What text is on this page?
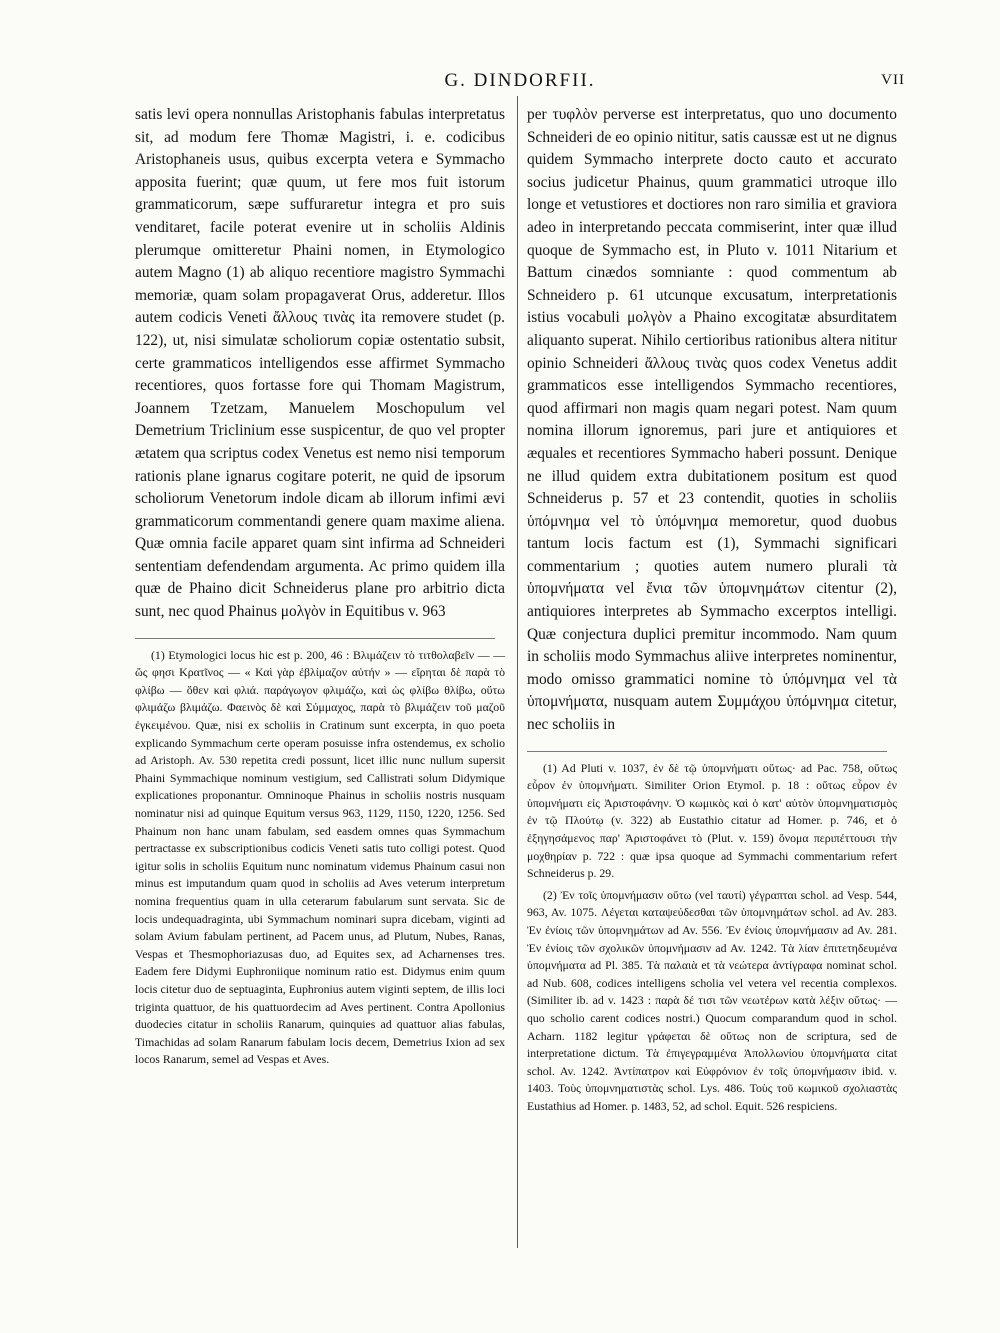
G. DINDORFII.	VII

satis levi opera nonnullas Aristophanis fabulas interpretatus sit, ad modum fere Thomæ Magistri, i. e. codicibus Aristophaneis usus, quibus excerpta vetera e Symmacho apposita fuerint; quæ quum, ut fere mos fuit istorum grammaticorum, sæpe suffuraretur integra et pro suis venditaret, facile poterat evenire ut in scholiis Aldinis plerumque omitteretur Phaini nomen, in Etymologico autem Magno (1) ab aliquo recentiore magistro Symmachi memoriæ, quam solam propagaverat Orus, adderetur. Illos autem codicis Veneti ἄλλους τινὰς ita removere studet (p. 122), ut, nisi simulatæ scholiorum copiæ ostentatio subsit, certe grammaticos intelligendos esse affirmet Symmacho recentiores, quos fortasse fore qui Thomam Magistrum, Joannem Tzetzam, Manuelem Moschopulum vel Demetrium Triclinium esse suspicentur, de quo vel propter ætatem qua scriptus codex Venetus est nemo nisi temporum rationis plane ignarus cogitare poterit, ne quid de ipsorum scholiorum Venetorum indole dicam ab illorum infimi ævi grammaticorum commentandi genere quam maxime aliena. Quæ omnia facile apparet quam sint infirma ad Schneideri sententiam defendendam argumenta. Ac primo quidem illa quæ de Phaino dicit Schneiderus plane pro arbitrio dicta sunt, nec quod Phainus μολγὸν in Equitibus v. 963

(1) Etymologici locus hic est p. 200, 46 : Βλιμάζειν τὸ τιτθολαβεῖν — — ὥς φησι Κρατῖνος — « Καὶ γὰρ ἐβλίμαζον αὐτήν » — εἴρηται δὲ παρὰ τὸ φλίβω — ὅθεν καὶ φλιά. παράγωγον φλιμάζω, καὶ ὡς φλίβω θλίβω, οὕτω φλιμάζω βλιμάζω. Φαεινὸς δὲ καὶ Σύμμαχος, παρὰ τὸ βλιμάζειν τοῦ μαζοῦ ἐγκειμένου. Quæ, nisi ex scholiis in Cratinum sunt excerpta, in quo poeta explicando Symmachum certe operam posuisse infra ostendemus, ex scholio ad Aristoph. Av. 530 repetita credi possunt, licet illic nunc nullum supersit Phaini Symmachique nominum vestigium, sed Callistrati solum Didymique explicationes proponantur. Omninoque Phainus in scholiis nostris nusquam nominatur nisi ad quinque Equitum versus 963, 1129, 1150, 1220, 1256. Sed Phainum non hanc unam fabulam, sed easdem omnes quas Symmachum pertractasse ex subscriptionibus codicis Veneti satis tuto colligi potest. Quod igitur solis in scholiis Equitum nunc nominatum videmus Phainum casui non minus est imputandum quam quod in scholiis ad Aves veterum interpretum nomina frequentius quam in ulla ceterarum fabularum sunt servata. Sic de locis undequadraginta, ubi Symmachum nominari supra dicebam, viginti ad solam Avium fabulam pertinent, ad Pacem unus, ad Plutum, Nubes, Ranas, Vespas et Thesmophoriazusas duo, ad Equites sex, ad Acharnenses tres. Eadem fere Didymi Euphroniique nominum ratio est. Didymus enim quum locis citetur duo de septuaginta, Euphronius autem viginti septem, de illis loci triginta quattuor, de his quattuordecim ad Aves pertinent. Contra Apollonius duodecies citatur in scholiis Ranarum, quinquies ad quattuor alias fabulas, Timachidas ad solam Ranarum fabulam locis decem, Demetrius Ixion ad sex locos Ranarum, semel ad Vespas et Aves.

per τυφλὸν perverse est interpretatus, quo uno documento Schneideri de eo opinio nititur, satis caussæ est ut ne dignus quidem Symmacho interprete docto cauto et accurato socius judicetur Phainus, quum grammatici utroque illo longe et vetustiores et doctiores non raro similia et graviora adeo in interpretando peccata commiserint, inter quæ illud quoque de Symmacho est, in Pluto v. 1011 Nitarium et Battum cinædos somniante : quod commentum ab Schneidero p. 61 utcunque excusatum, interpretationis istius vocabuli μολγὸν a Phaino excogitatæ absurditatem aliquanto superat. Nihilo certioribus rationibus altera nititur opinio Schneideri ἄλλους τινὰς quos codex Venetus addit grammaticos esse intelligendos Symmacho recentiores, quod affirmari non magis quam negari potest. Nam quum nomina illorum ignoremus, pari jure et antiquiores et æquales et recentiores Symmacho haberi possunt. Denique ne illud quidem extra dubitationem positum est quod Schneiderus p. 57 et 23 contendit, quoties in scholiis ὑπόμνημα vel τὸ ὑπόμνημα memoretur, quod duobus tantum locis factum est (1), Symmachi significari commentarium ; quoties autem numero plurali τὰ ὑπομνήματα vel ἔνια τῶν ὑπομνημάτων citentur (2), antiquiores interpretes ab Symmacho excerptos intelligi. Quæ conjectura duplici premitur incommodo. Nam quum in scholiis modo Symmachus aliive interpretes nominentur, modo omisso grammatici nomine τὸ ὑπόμνημα vel τὰ ὑπομνήματα, nusquam autem Συμμάχου ὑπόμνημα citetur, nec scholiis in

(1) Ad Pluti v. 1037, ἐν δὲ τῷ ὑπομνήματι οὕτως· ad Pac. 758, οὕτως εὗρον ἐν ὑπομνήματι. Similiter Orion Etymol. p. 18 : οὕτως εὗρον ἐν ὑπομνήματι εἰς Ἀριστοφάνην. Ὁ κωμικὸς καὶ ὁ κατ' αὐτὸν ὑπομνηματισμὸς ἐν τῷ Πλούτῳ (v. 322) ab Eustathio citatur ad Homer. p. 746, et ὁ ἐξηγησάμενος παρ' Ἀριστοφάνει τὸ (Plut. v. 159) ὄνομα περιπέττουσι τὴν μοχθηρίαν p. 722 : quæ ipsa quoque ad Symmachi commentarium refert Schneiderus p. 29.

(2) Ἐν τοῖς ὑπομνήμασιν οὕτω (vel ταυτί) γέγραπται schol. ad Vesp. 544, 963, Av. 1075. Λέγεται καταψεύδεσθαι τῶν ὑπομνημάτων schol. ad Av. 283. Ἐν ἐνίοις τῶν ὑπομνημάτων ad Av. 556. Ἐν ἐνίοις ὑπομνήμασιν ad Av. 281. Ἐν ἐνίοις τῶν σχολικῶν ὑπομνήμασιν ad Av. 1242. Τὰ λίαν ἐπιτετηδευμένα ὑπομνήματα ad Pl. 385. Τὰ παλαιὰ et τὰ νεώτερα ἀντίγραφα nominat schol. ad Nub. 608, codices intelligens scholia vel vetera vel recentia complexos. (Similiter ib. ad v. 1423 : παρὰ δέ τισι τῶν νεωτέρων κατὰ λέξιν οὕτως· — quo scholio carent codices nostri.) Quocum comparandum quod in schol. Acharn. 1182 legitur γράφεται δὲ οὕτως non de scriptura, sed de interpretatione dictum. Τὰ ἐπιγεγραμμένα Ἀπολλωνίου ὑπομνήματα citat schol. Av. 1242. Ἀντίπατρον καὶ Εὐφρόνιον ἐν τοῖς ὑπομνήμασιν ibid. v. 1403. Τοὺς ὑπομνηματιστὰς schol. Lys. 486. Τοὺς τοῦ κωμικοῦ σχολιαστὰς Eustathius ad Homer. p. 1483, 52, ad schol. Equit. 526 respiciens.
